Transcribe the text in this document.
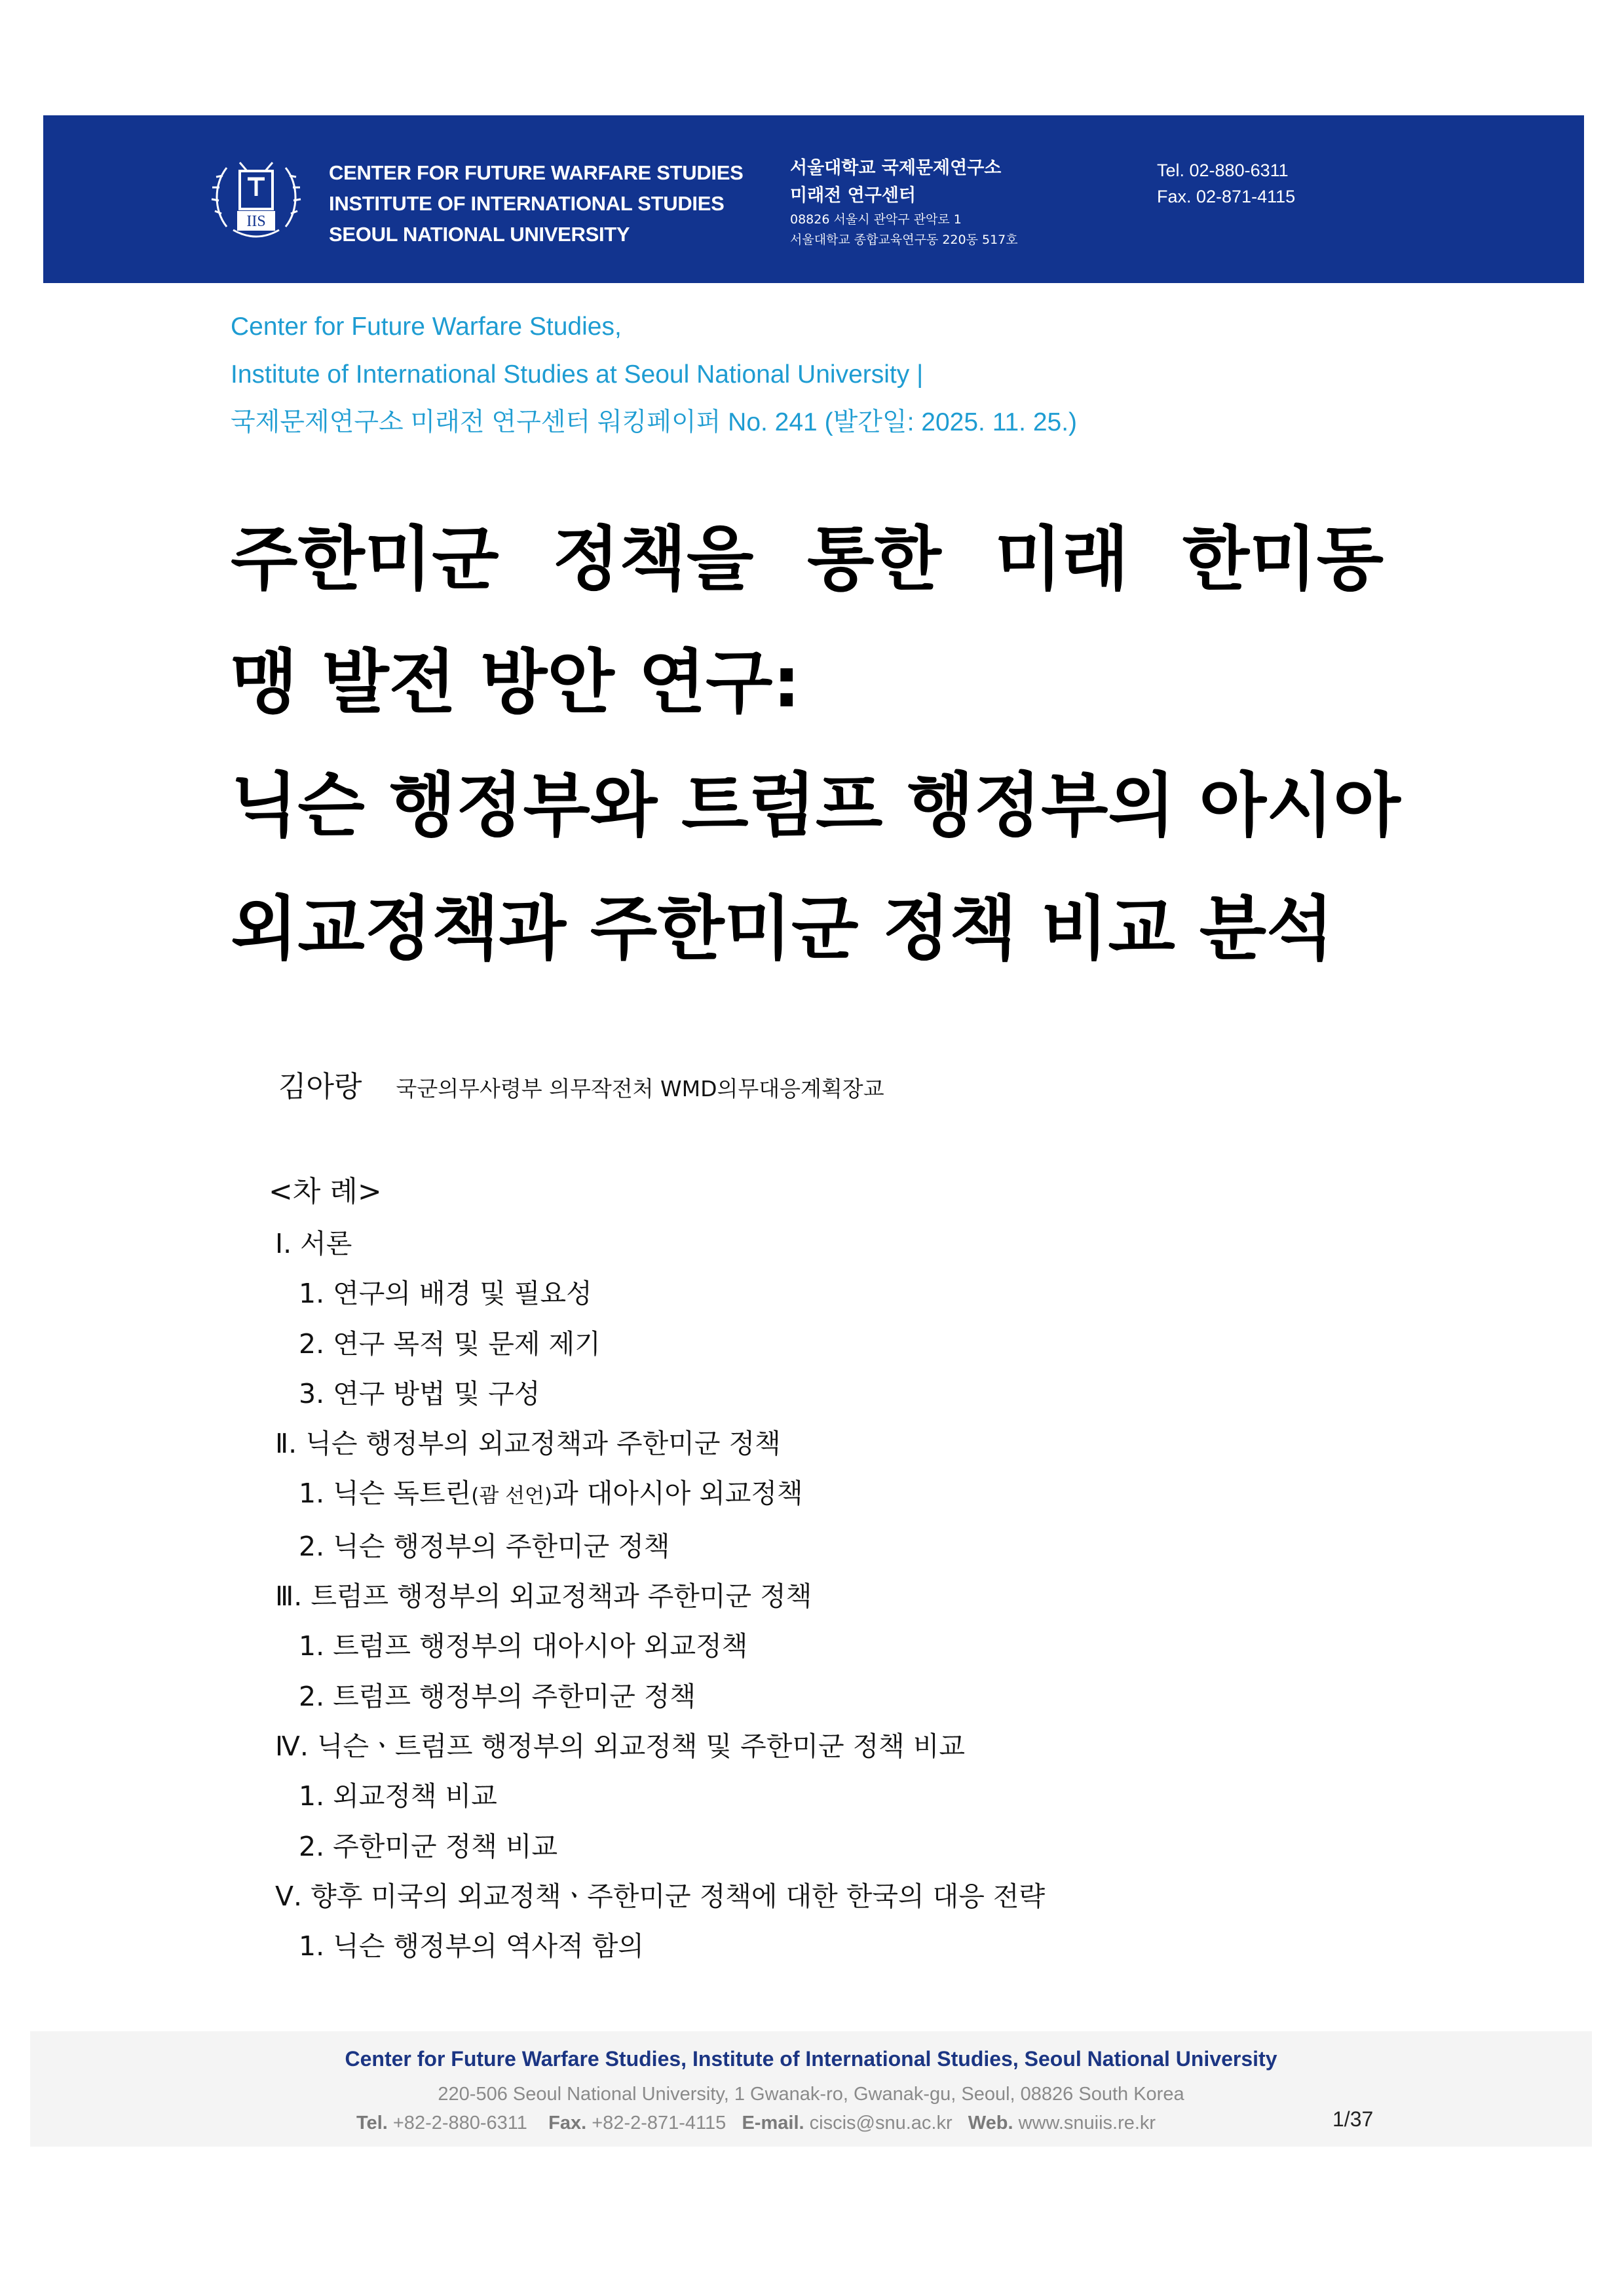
IIS
CENTER FOR FUTURE WARFARE STUDIES
INSTITUTE OF INTERNATIONAL STUDIES
SEOUL NATIONAL UNIVERSITY
서울대학교 국제문제연구소
미래전 연구센터
08826 서울시 관악구 관악로 1
서울대학교 종합교육연구동 220동 517호
Tel. 02-880-6311
Fax. 02-871-4115
Center for Future Warfare Studies,
Institute of International Studies at Seoul National University |
국제문제연구소 미래전 연구센터 워킹페이퍼 No. 241 (발간일: 2025. 11. 25.)
주한미군 정책을 통한 미래 한미동
맹 발전 방안 연구:
닉슨 행정부와 트럼프 행정부의 아시아
외교정책과 주한미군 정책 비교 분석
김아랑 국군의무사령부 의무작전처 WMD의무대응계획장교
<차 례>
Ⅰ. 서론
1. 연구의 배경 및 필요성
2. 연구 목적 및 문제 제기
3. 연구 방법 및 구성
Ⅱ. 닉슨 행정부의 외교정책과 주한미군 정책
1. 닉슨 독트린(괌 선언)과 대아시아 외교정책
2. 닉슨 행정부의 주한미군 정책
Ⅲ. 트럼프 행정부의 외교정책과 주한미군 정책
1. 트럼프 행정부의 대아시아 외교정책
2. 트럼프 행정부의 주한미군 정책
Ⅳ. 닉슨ㆍ트럼프 행정부의 외교정책 및 주한미군 정책 비교
1. 외교정책 비교
2. 주한미군 정책 비교
Ⅴ. 향후 미국의 외교정책ㆍ주한미군 정책에 대한 한국의 대응 전략
1. 닉슨 행정부의 역사적 함의
Center for Future Warfare Studies, Institute of International Studies, Seoul National University
220-506 Seoul National University, 1 Gwanak-ro, Gwanak-gu, Seoul, 08826 South Korea
Tel. +82-2-880-6311 Fax. +82-2-871-4115 E-mail. ciscis@snu.ac.kr Web. www.snuiis.re.kr	1/37
